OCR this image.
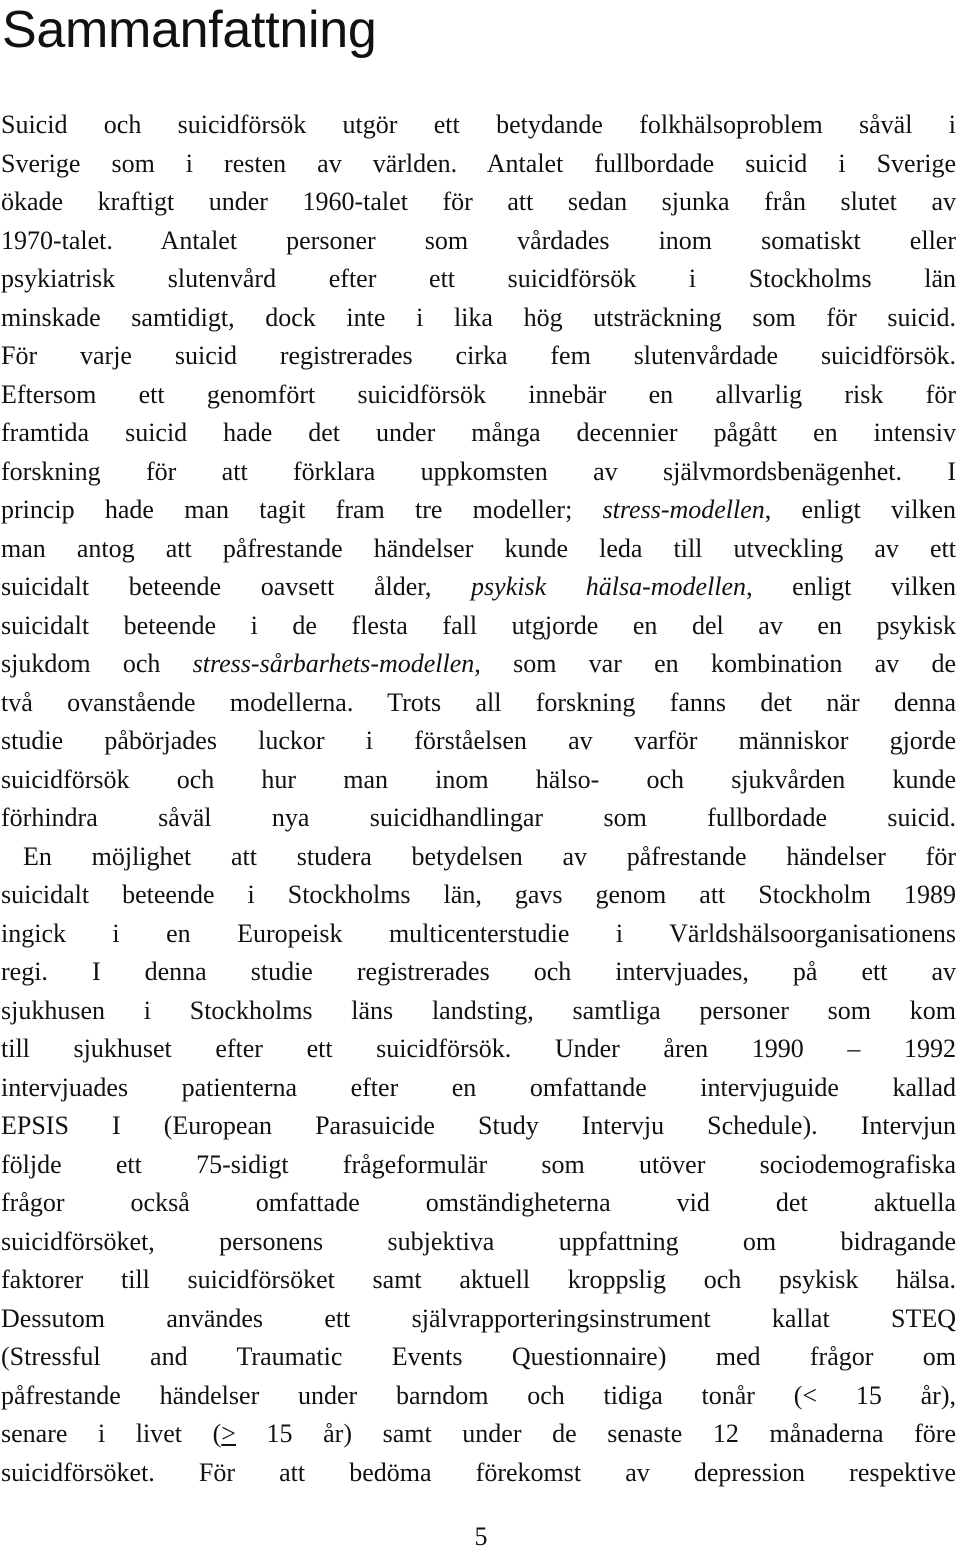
Sammanfattning
Suicid och suicidförsök utgör ett betydande folkhälsoproblem såväl i
Sverige som i resten av världen. Antalet fullbordade suicid i Sverige
ökade kraftigt under 1960-talet för att sedan sjunka från slutet av
1970-talet. Antalet personer som vårdades inom somatiskt eller
psykiatrisk slutenvård efter ett suicidförsök i Stockholms län
minskade samtidigt, dock inte i lika hög utsträckning som för suicid.
För varje suicid registrerades cirka fem slutenvårdade suicidförsök.
Eftersom ett genomfört suicidförsök innebär en allvarlig risk för
framtida suicid hade det under många decennier pågått en intensiv
forskning för att förklara uppkomsten av självmordsbenägenhet. I
princip hade man tagit fram tre modeller; stress-modellen, enligt vilken
man antog att påfrestande händelser kunde leda till utveckling av ett
suicidalt beteende oavsett ålder, psykisk hälsa-modellen, enligt vilken
suicidalt beteende i de flesta fall utgjorde en del av en psykisk
sjukdom och stress-sårbarhets-modellen, som var en kombination av de
två ovanstående modellerna. Trots all forskning fanns det när denna
studie påbörjades luckor i förståelsen av varför människor gjorde
suicidförsök och hur man inom hälso- och sjukvården kunde
förhindra såväl nya suicidhandlingar som fullbordade suicid.
En möjlighet att studera betydelsen av påfrestande händelser för
suicidalt beteende i Stockholms län, gavs genom att Stockholm 1989
ingick i en Europeisk multicenterstudie i Världshälsoorganisationens
regi. I denna studie registrerades och intervjuades, på ett av
sjukhusen i Stockholms läns landsting, samtliga personer som kom
till sjukhuset efter ett suicidförsök. Under åren 1990 – 1992
intervjuades patienterna efter en omfattande intervjuguide kallad
EPSIS I (European Parasuicide Study Intervju Schedule). Intervjun
följde ett 75-sidigt frågeformulär som utöver sociodemografiska
frågor också omfattade omständigheterna vid det aktuella
suicidförsöket, personens subjektiva uppfattning om bidragande
faktorer till suicidförsöket samt aktuell kroppslig och psykisk hälsa.
Dessutom användes ett självrapporteringsinstrument kallat STEQ
(Stressful and Traumatic Events Questionnaire) med frågor om
påfrestande händelser under barndom och tidiga tonår (< 15 år),
senare i livet (> 15 år) samt under de senaste 12 månaderna före
suicidförsöket. För att bedöma förekomst av depression respektive
5
